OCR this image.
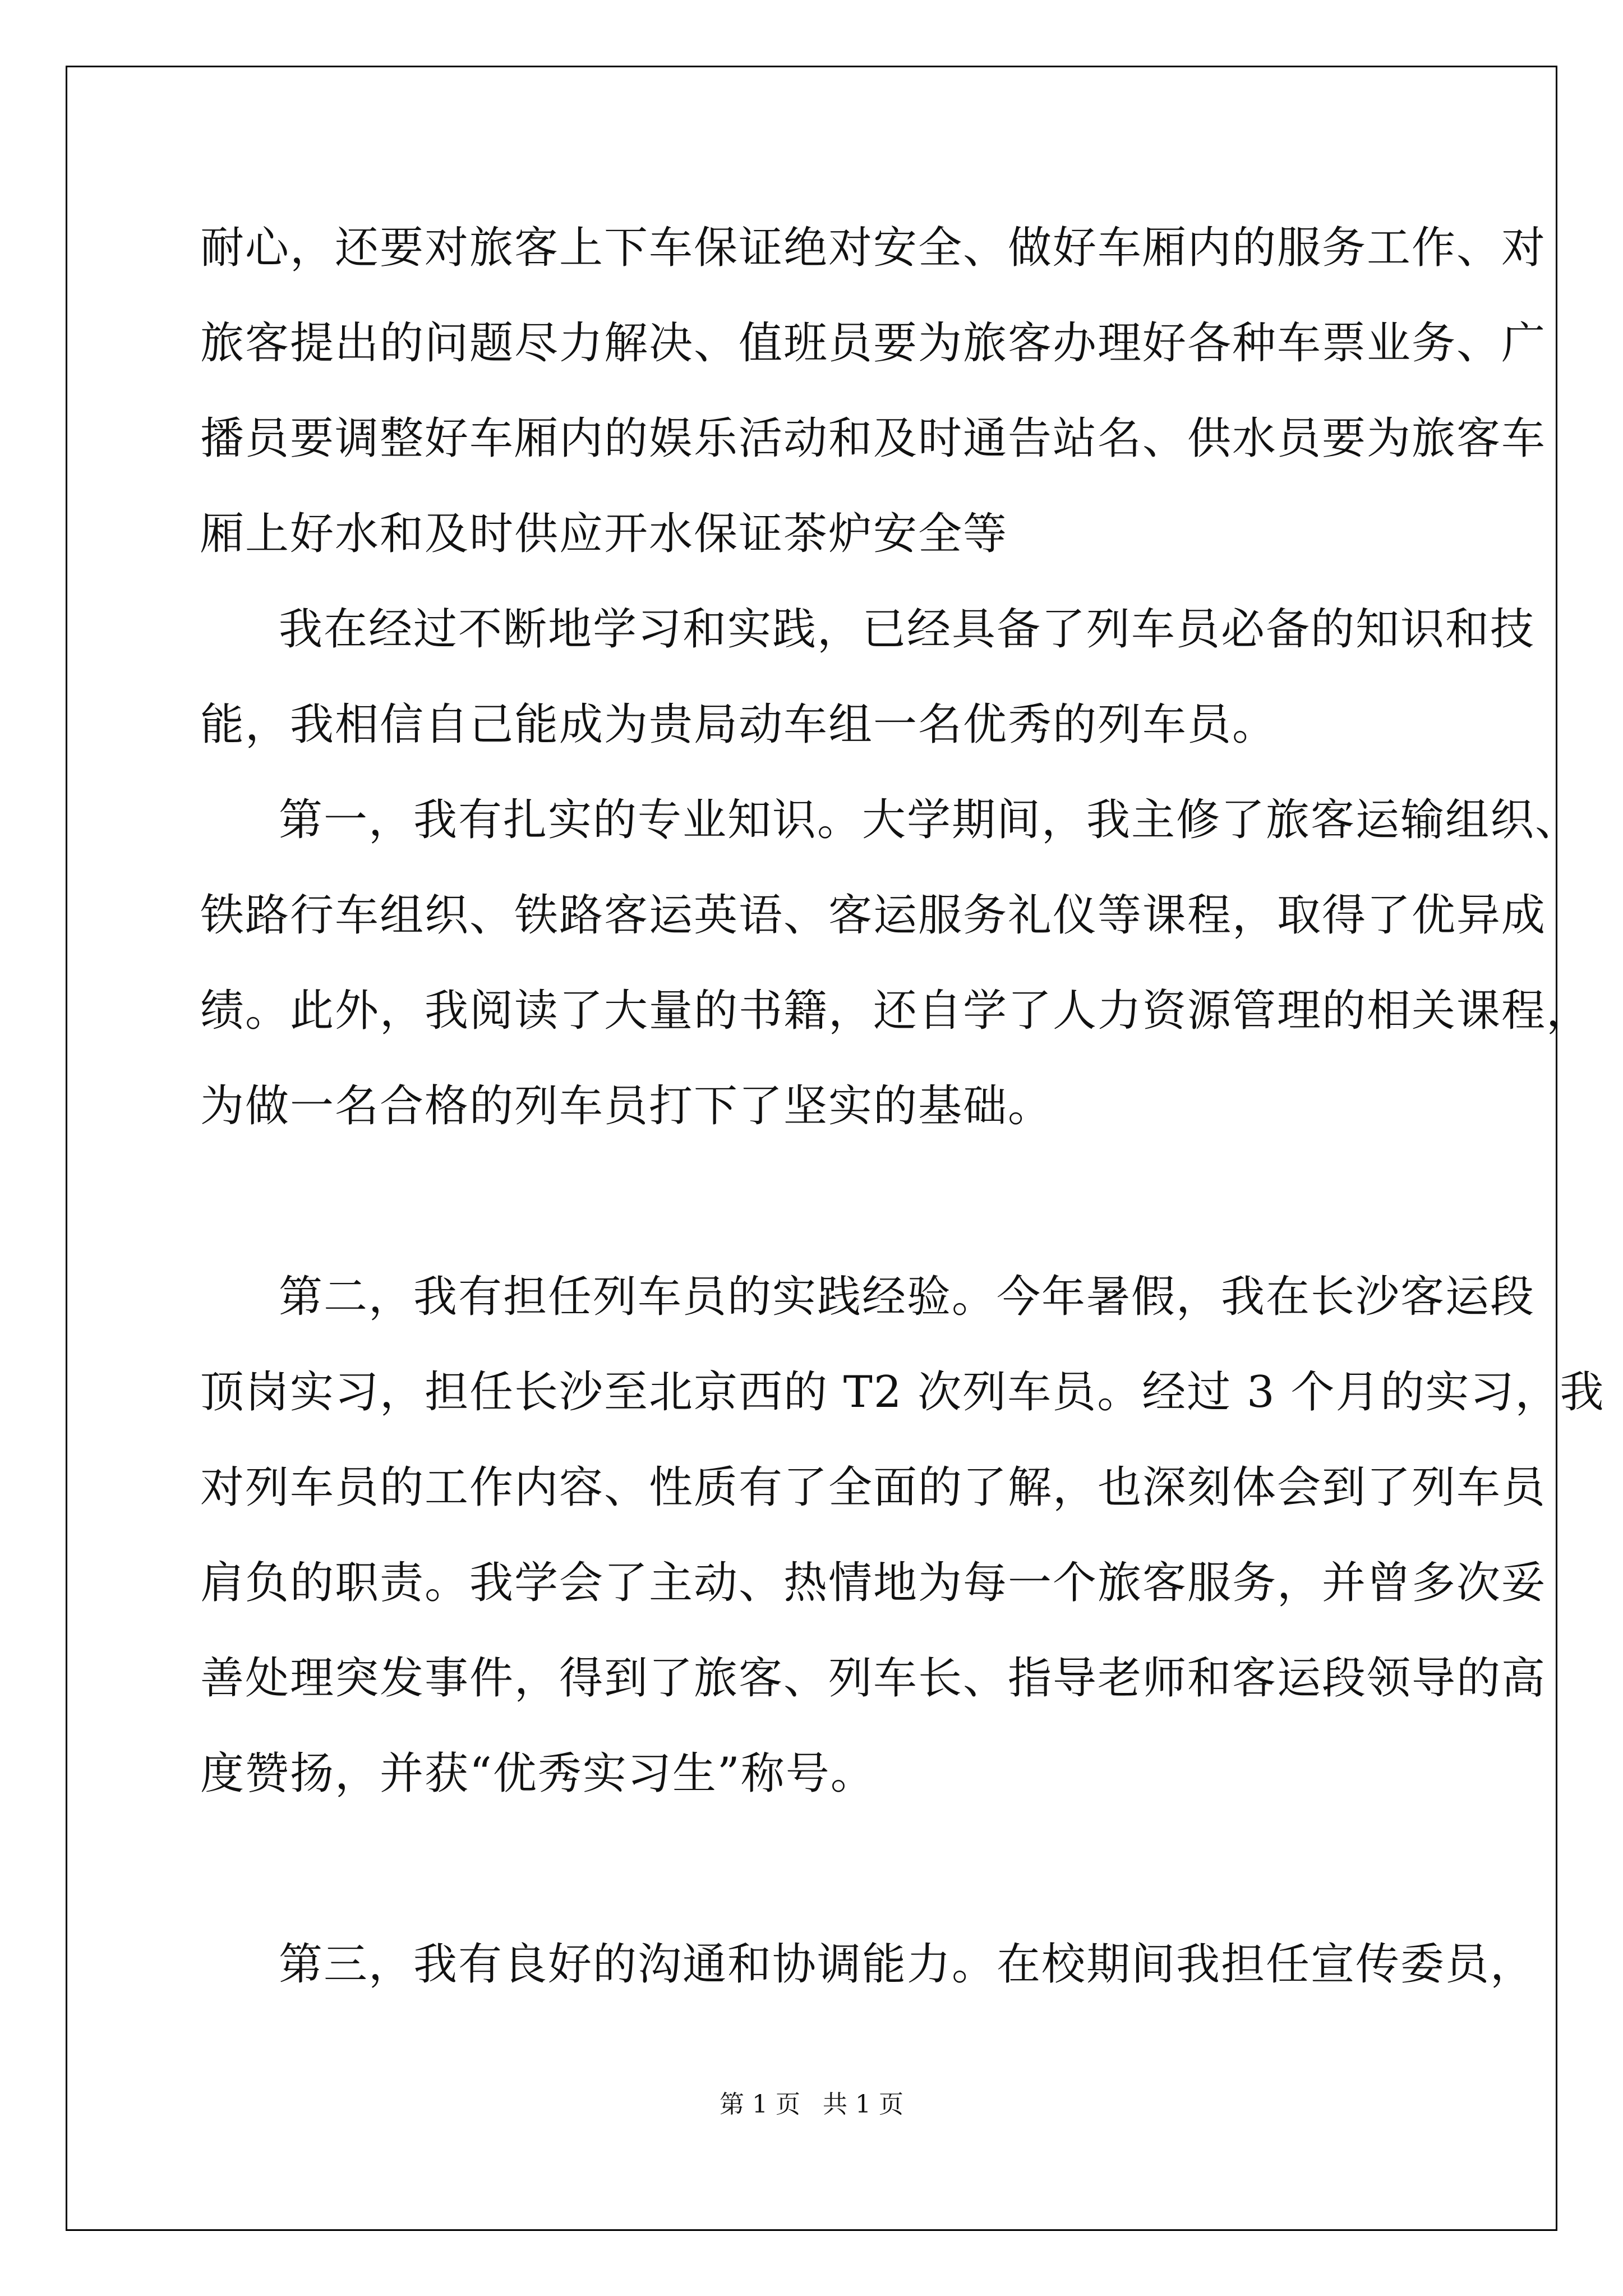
耐心，还要对旅客上下车保证绝对安全、做好车厢内的服务工作、对
旅客提出的问题尽力解决、值班员要为旅客办理好各种车票业务、广
播员要调整好车厢内的娱乐活动和及时通告站名、供水员要为旅客车
厢上好水和及时供应开水保证茶炉安全等
我在经过不断地学习和实践，已经具备了列车员必备的知识和技
能，我相信自己能成为贵局动车组一名优秀的列车员。
第一，我有扎实的专业知识。大学期间，我主修了旅客运输组织、
铁路行车组织、铁路客运英语、客运服务礼仪等课程，取得了优异成
绩。此外，我阅读了大量的书籍，还自学了人力资源管理的相关课程，
为做一名合格的列车员打下了坚实的基础。
第二，我有担任列车员的实践经验。今年暑假，我在长沙客运段
顶岗实习，担任长沙至北京西的 T2 次列车员。经过 3 个月的实习，我
对列车员的工作内容、性质有了全面的了解，也深刻体会到了列车员
肩负的职责。我学会了主动、热情地为每一个旅客服务，并曾多次妥
善处理突发事件，得到了旅客、列车长、指导老师和客运段领导的高
度赞扬，并获“优秀实习生”称号。
第三，我有良好的沟通和协调能力。在校期间我担任宣传委员，
第 1 页 共 1 页
